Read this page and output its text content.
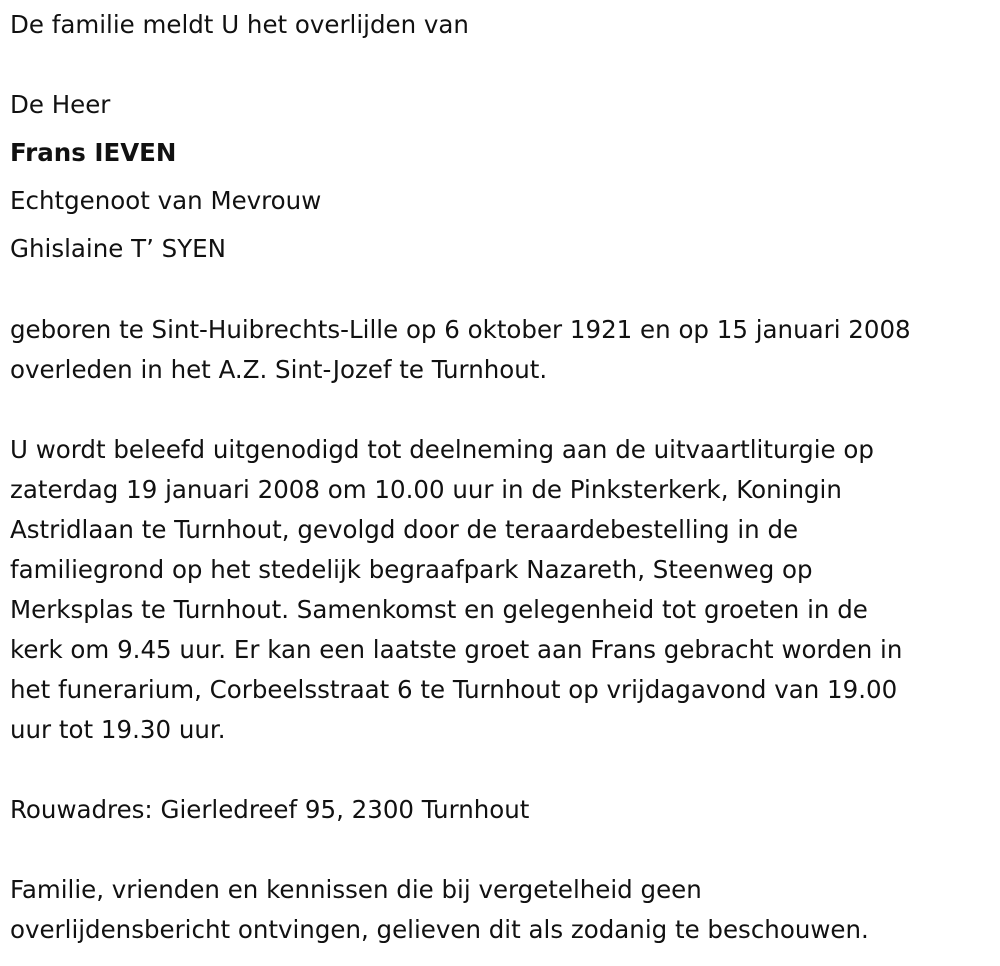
De familie meldt U het overlijden van
De Heer
Frans IEVEN
Echtgenoot van Mevrouw
Ghislaine T’ SYEN
geboren te Sint-Huibrechts-Lille op 6 oktober 1921 en op 15 januari 2008
overleden in het A.Z. Sint-Jozef te Turnhout.
U wordt beleefd uitgenodigd tot deelneming aan de uitvaartliturgie op
zaterdag 19 januari 2008 om 10.00 uur in de Pinksterkerk, Koningin
Astridlaan te Turnhout, gevolgd door de teraardebestelling in de
familiegrond op het stedelijk begraafpark Nazareth, Steenweg op
Merksplas te Turnhout. Samenkomst en gelegenheid tot groeten in de
kerk om 9.45 uur. Er kan een laatste groet aan Frans gebracht worden in
het funerarium, Corbeelsstraat 6 te Turnhout op vrijdagavond van 19.00
uur tot 19.30 uur.
Rouwadres: Gierledreef 95, 2300 Turnhout
Familie, vrienden en kennissen die bij vergetelheid geen
overlijdensbericht ontvingen, gelieven dit als zodanig te beschouwen.
